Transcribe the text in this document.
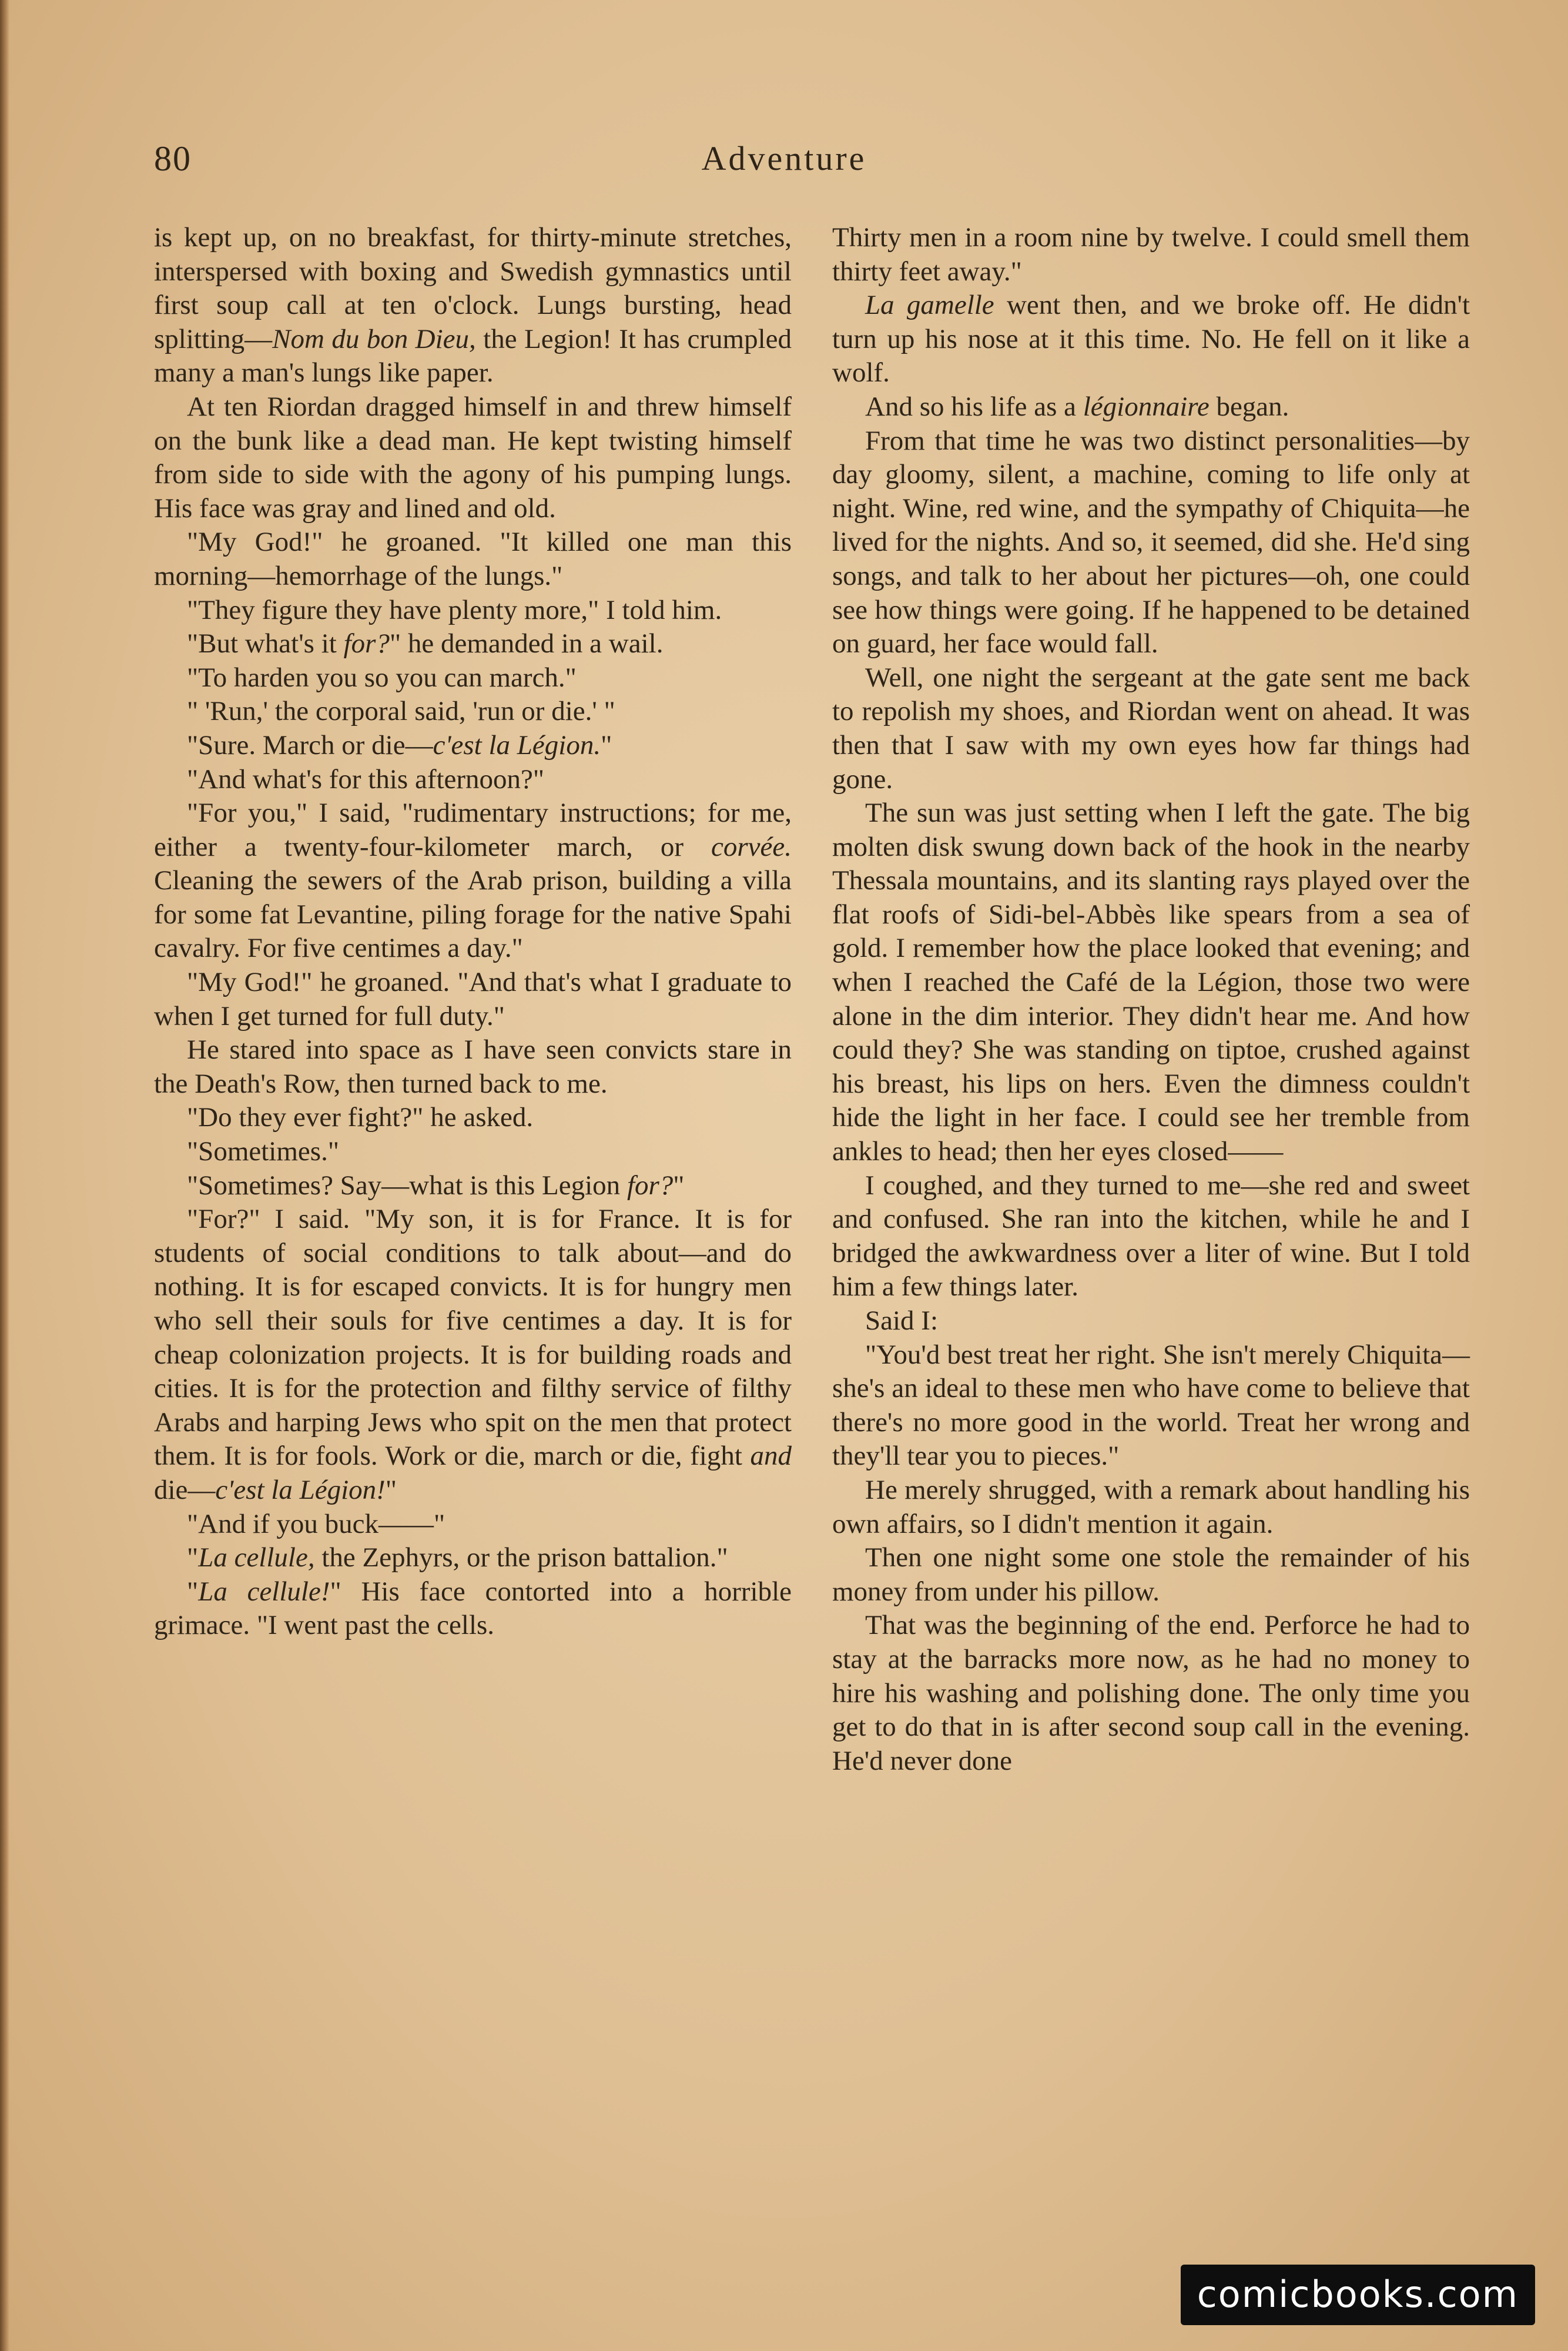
80	Adventure

is kept up, on no breakfast, for thirty-minute stretches, interspersed with boxing and Swedish gymnastics until first soup call at ten o'clock. Lungs bursting, head splitting—Nom du bon Dieu, the Legion! It has crumpled many a man's lungs like paper.

At ten Riordan dragged himself in and threw himself on the bunk like a dead man. He kept twisting himself from side to side with the agony of his pumping lungs. His face was gray and lined and old.

"My God!" he groaned. "It killed one man this morning—hemorrhage of the lungs."

"They figure they have plenty more," I told him.

"But what's it for?" he demanded in a wail.

"To harden you so you can march."

" 'Run,' the corporal said, 'run or die.' "

"Sure. March or die—c'est la Légion."

"And what's for this afternoon?"

"For you," I said, "rudimentary instructions; for me, either a twenty-four-kilometer march, or corvée. Cleaning the sewers of the Arab prison, building a villa for some fat Levantine, piling forage for the native Spahi cavalry. For five centimes a day."

"My God!" he groaned. "And that's what I graduate to when I get turned for full duty."

He stared into space as I have seen convicts stare in the Death's Row, then turned back to me.

"Do they ever fight?" he asked.

"Sometimes."

"Sometimes? Say—what is this Legion for?"

"For?" I said. "My son, it is for France. It is for students of social conditions to talk about—and do nothing. It is for escaped convicts. It is for hungry men who sell their souls for five centimes a day. It is for cheap colonization projects. It is for building roads and cities. It is for the protection and filthy service of filthy Arabs and harping Jews who spit on the men that protect them. It is for fools. Work or die, march or die, fight and die—c'est la Légion!"

"And if you buck——"

"La cellule, the Zephyrs, or the prison battalion."

"La cellule!" His face contorted into a horrible grimace. "I went past the cells.

Thirty men in a room nine by twelve. I could smell them thirty feet away."

La gamelle went then, and we broke off. He didn't turn up his nose at it this time. No. He fell on it like a wolf.

And so his life as a légionnaire began.

From that time he was two distinct personalities—by day gloomy, silent, a machine, coming to life only at night. Wine, red wine, and the sympathy of Chiquita—he lived for the nights. And so, it seemed, did she. He'd sing songs, and talk to her about her pictures—oh, one could see how things were going. If he happened to be detained on guard, her face would fall.

Well, one night the sergeant at the gate sent me back to repolish my shoes, and Riordan went on ahead. It was then that I saw with my own eyes how far things had gone.

The sun was just setting when I left the gate. The big molten disk swung down back of the hook in the nearby Thessala mountains, and its slanting rays played over the flat roofs of Sidi-bel-Abbès like spears from a sea of gold. I remember how the place looked that evening; and when I reached the Café de la Légion, those two were alone in the dim interior. They didn't hear me. And how could they? She was standing on tiptoe, crushed against his breast, his lips on hers. Even the dimness couldn't hide the light in her face. I could see her tremble from ankles to head; then her eyes closed——

I coughed, and they turned to me—she red and sweet and confused. She ran into the kitchen, while he and I bridged the awkwardness over a liter of wine. But I told him a few things later.

Said I:

"You'd best treat her right. She isn't merely Chiquita—she's an ideal to these men who have come to believe that there's no more good in the world. Treat her wrong and they'll tear you to pieces."

He merely shrugged, with a remark about handling his own affairs, so I didn't mention it again.

Then one night some one stole the remainder of his money from under his pillow.

That was the beginning of the end. Perforce he had to stay at the barracks more now, as he had no money to hire his washing and polishing done. The only time you get to do that in is after second soup call in the evening. He'd never done

comicbooks.com
